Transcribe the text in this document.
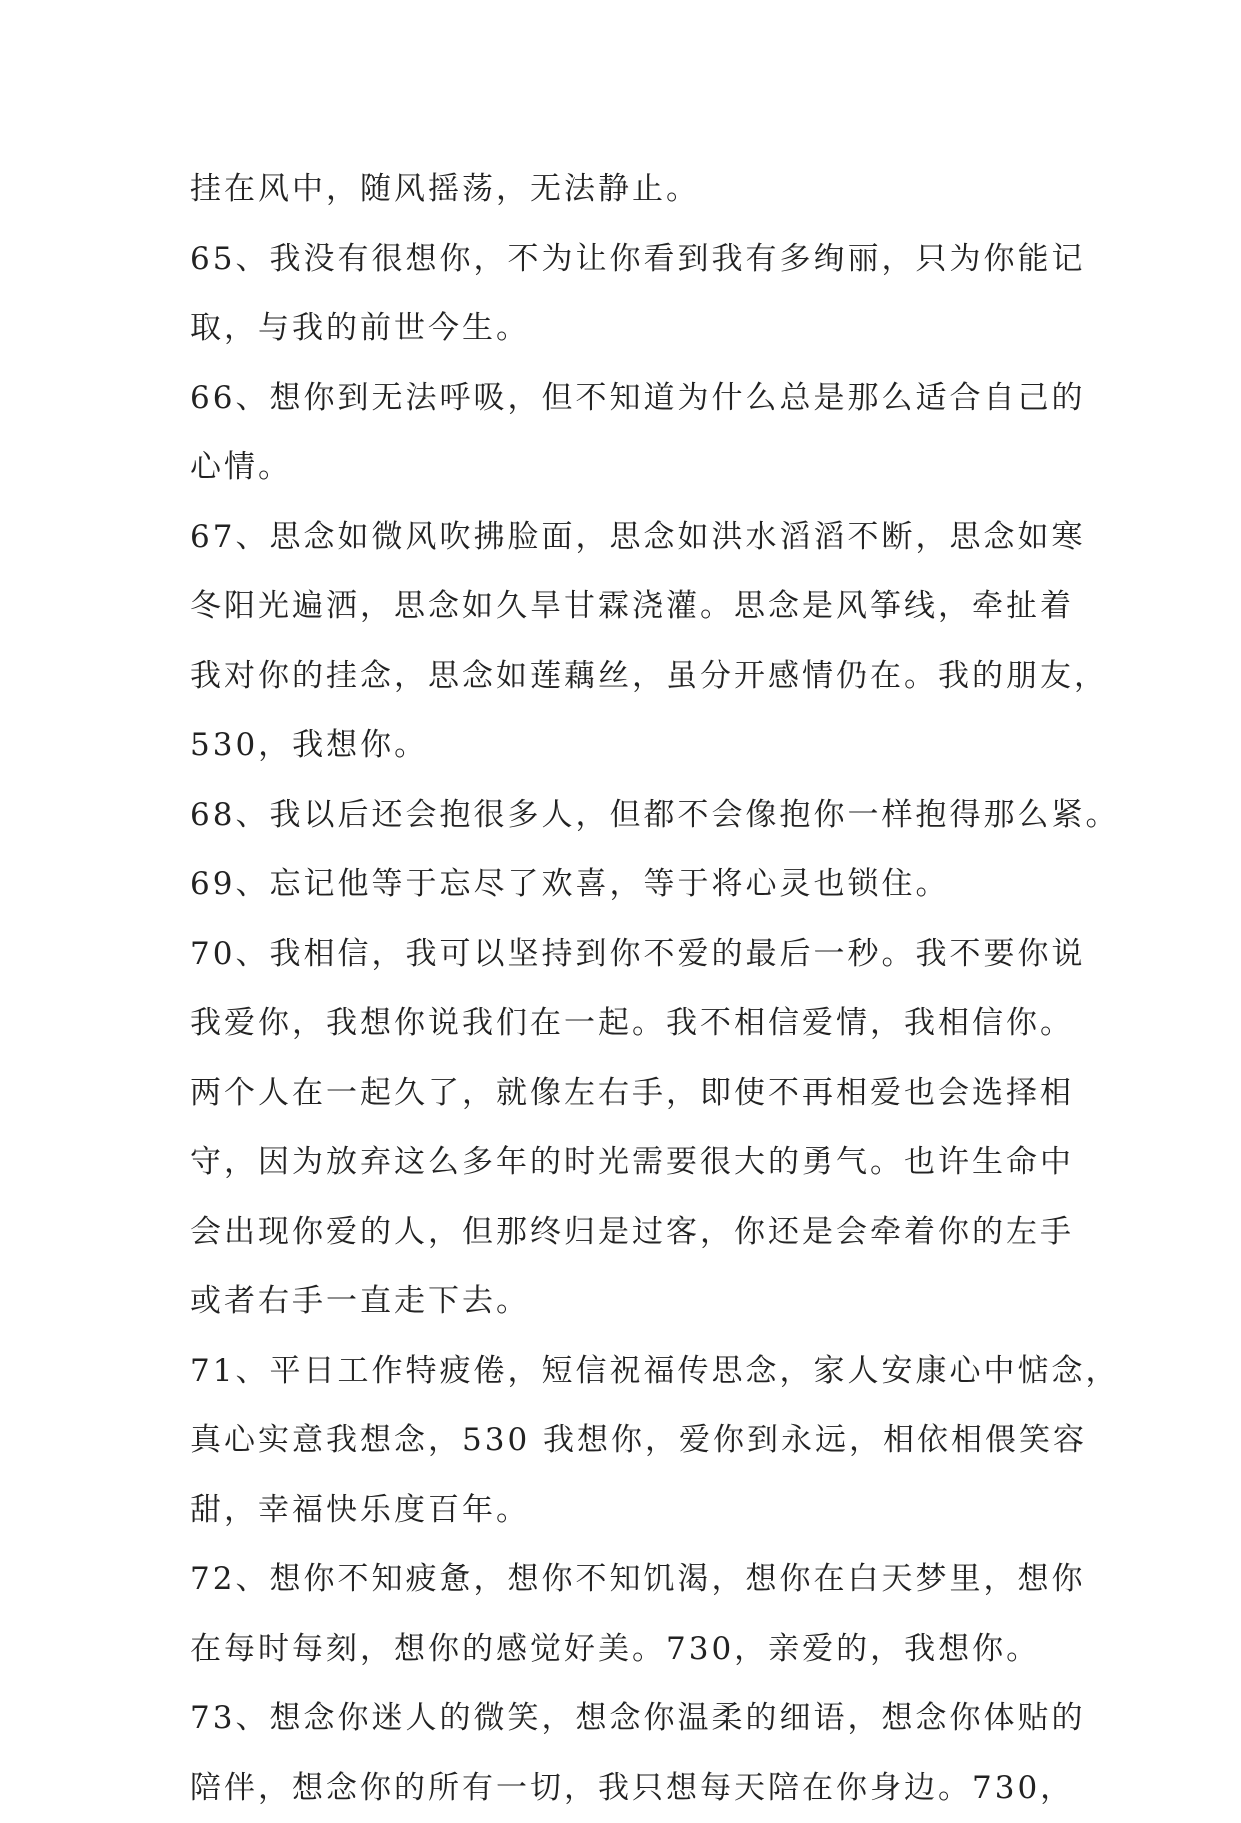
挂在风中，随风摇荡，无法静止。
65、我没有很想你，不为让你看到我有多绚丽，只为你能记
取，与我的前世今生。
66、想你到无法呼吸，但不知道为什么总是那么适合自己的
心情。
67、思念如微风吹拂脸面，思念如洪水滔滔不断，思念如寒
冬阳光遍洒，思念如久旱甘霖浇灌。思念是风筝线，牵扯着
我对你的挂念，思念如莲藕丝，虽分开感情仍在。我的朋友，
530，我想你。
68、我以后还会抱很多人，但都不会像抱你一样抱得那么紧。
69、忘记他等于忘尽了欢喜，等于将心灵也锁住。
70、我相信，我可以坚持到你不爱的最后一秒。我不要你说
我爱你，我想你说我们在一起。我不相信爱情，我相信你。
两个人在一起久了，就像左右手，即使不再相爱也会选择相
守，因为放弃这么多年的时光需要很大的勇气。也许生命中
会出现你爱的人，但那终归是过客，你还是会牵着你的左手
或者右手一直走下去。
71、平日工作特疲倦，短信祝福传思念，家人安康心中惦念，
真心实意我想念，530 我想你，爱你到永远，相依相偎笑容
甜，幸福快乐度百年。
72、想你不知疲惫，想你不知饥渴，想你在白天梦里，想你
在每时每刻，想你的感觉好美。730，亲爱的，我想你。
73、想念你迷人的微笑，想念你温柔的细语，想念你体贴的
陪伴，想念你的所有一切，我只想每天陪在你身边。730，
